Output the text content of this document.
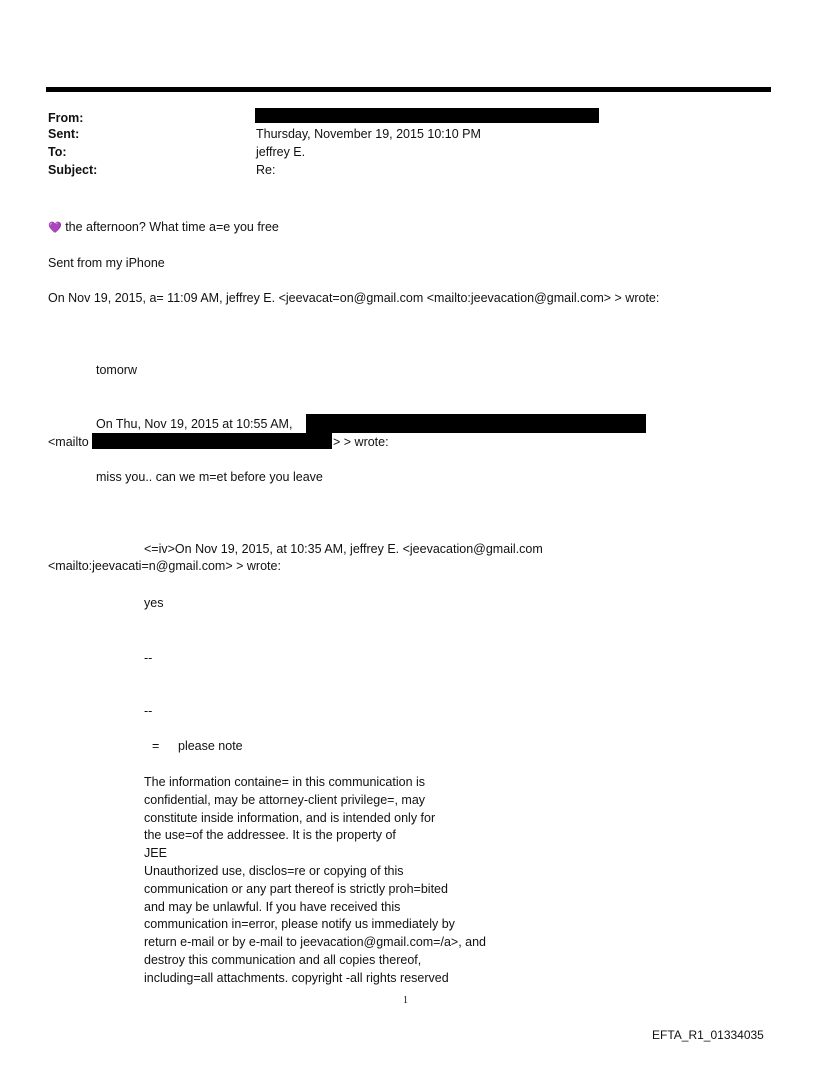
From:
Sent:	Thursday, November 19, 2015 10:10 PM
To:	jeffrey E.
Subject:	Re:
💜 the afternoon? What time a=e you free
Sent from my iPhone
On Nov 19, 2015, a= 11:09 AM, jeffrey E. <jeevacat=on@gmail.com <mailto:jeevacation@gmail.com> > wrote:
tomorw
On Thu, Nov 19, 2015 at 10:55 AM,
<mailto	> > wrote:
miss you.. can we m=et before you leave
<=iv>On Nov 19, 2015, at 10:35 AM, jeffrey E. <jeevacation@gmail.com
<mailto:jeevacati=n@gmail.com> > wrote:
yes
--
--
= please note
The information containe= in this communication is
confidential, may be attorney-client privilege=, may
constitute inside information, and is intended only for
the use=of the addressee. It is the property of
JEE
Unauthorized use, disclos=re or copying of this
communication or any part thereof is strictly proh=bited
and may be unlawful. If you have received this
communication in=error, please notify us immediately by
return e-mail or by e-mail to jeevacation@gmail.com=/a>, and
destroy this communication and all copies thereof,
including=all attachments. copyright -all rights reserved
1
EFTA_R1_01334035
